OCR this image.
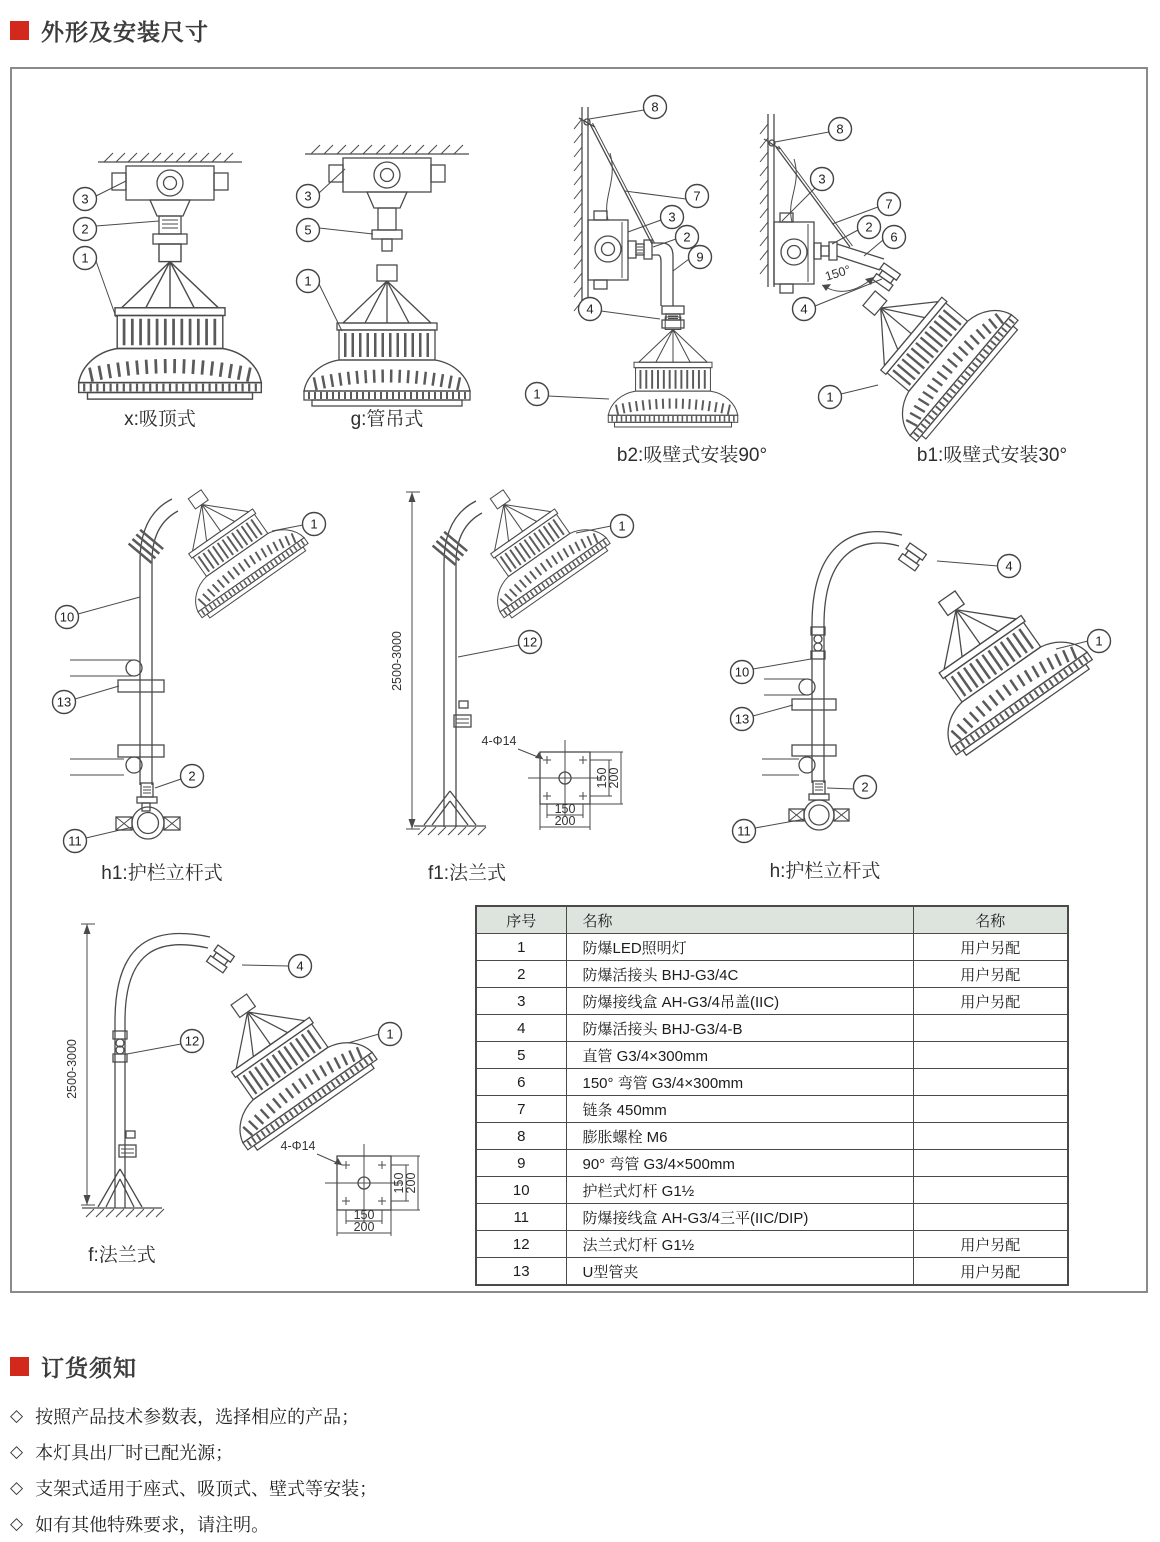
外形及安装尺寸
3
2
1
x:吸顶式
3
5
1
g:管吊式
8
7
3
2
9
4
1
b2:吸壁式安装90°
150°
8
3
7
2
6
4
1
b1:吸壁式安装30°
1
10
13
2
11
h1:护栏立杆式
2500-3000
1
12
f1:法兰式
4-Φ14
150
200
150
200
4
1
10
13
2
11
h:护栏立杆式
2500-3000
4
1
12
f:法兰式
4-Φ14
150
200
150
200
序号	名称	名称
1	防爆LED照明灯	用户另配
2	防爆活接头 BHJ-G3/4C	用户另配
3	防爆接线盒 AH-G3/4吊盖(IIC)	用户另配
4	防爆活接头 BHJ-G3/4-B	
5	直管 G3/4×300mm	
6	150° 弯管 G3/4×300mm	
7	链条 450mm	
8	膨胀螺栓 M6	
9	90° 弯管 G3/4×500mm	
10	护栏式灯杆 G1½	
11	防爆接线盒 AH-G3/4三平(IIC/DIP)	
12	法兰式灯杆 G1½	用户另配
13	U型管夹	用户另配
订货须知
◇ 按照产品技术参数表，选择相应的产品；
◇ 本灯具出厂时已配光源；
◇ 支架式适用于座式、吸顶式、壁式等安装；
◇ 如有其他特殊要求，请注明。
